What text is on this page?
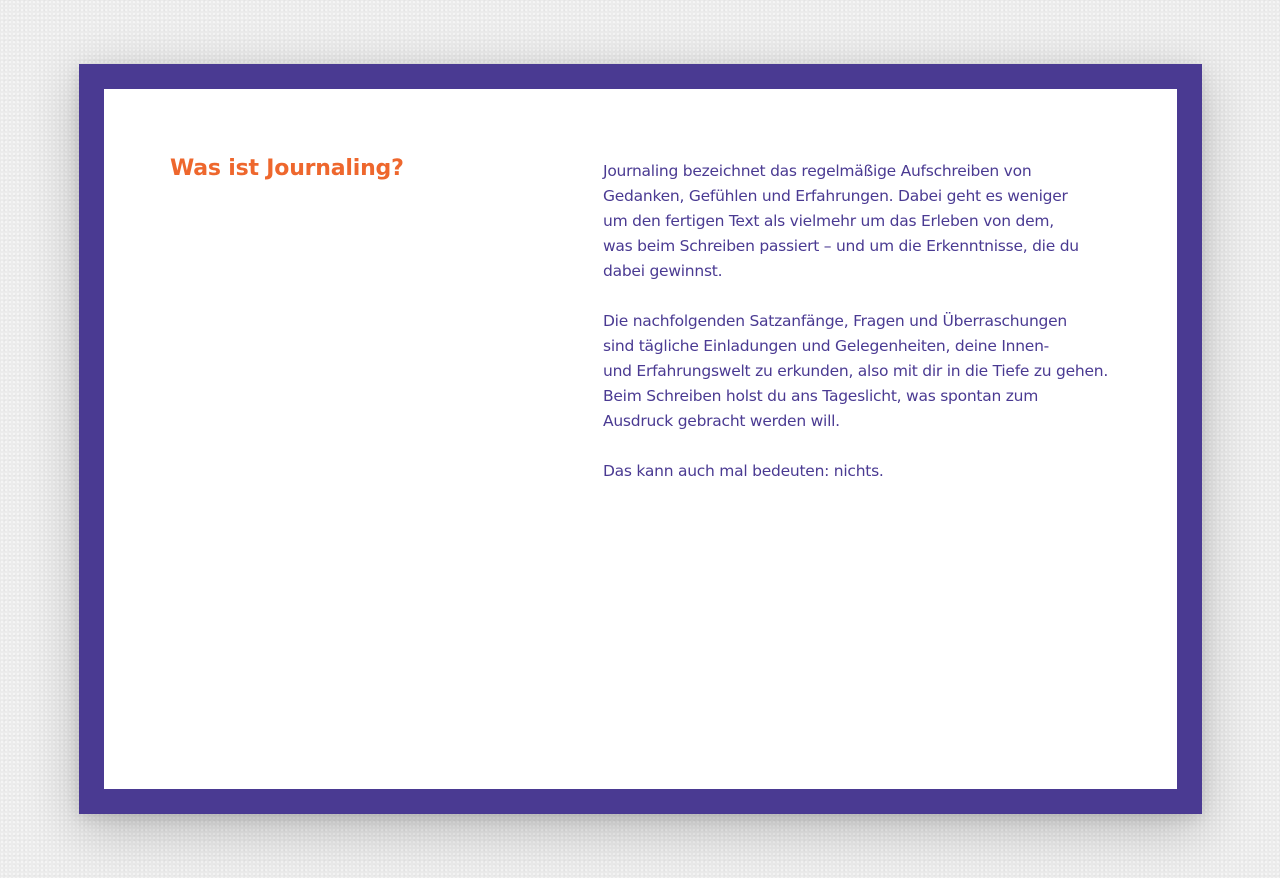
Was ist Journaling?	Journaling bezeichnet das regelmäßige Aufschreiben von
Gedanken, Gefühlen und Erfahrungen. Dabei geht es weniger
um den fertigen Text als vielmehr um das Erleben von dem,
was beim Schreiben passiert – und um die Erkenntnisse, die du
dabei gewinnst.

Die nachfolgenden Satzanfänge, Fragen und Überraschungen
sind tägliche Einladungen und Gelegenheiten, deine Innen-
und Erfahrungswelt zu erkunden, also mit dir in die Tiefe zu gehen.
Beim Schreiben holst du ans Tageslicht, was spontan zum
Ausdruck gebracht werden will.

Das kann auch mal bedeuten: nichts.
